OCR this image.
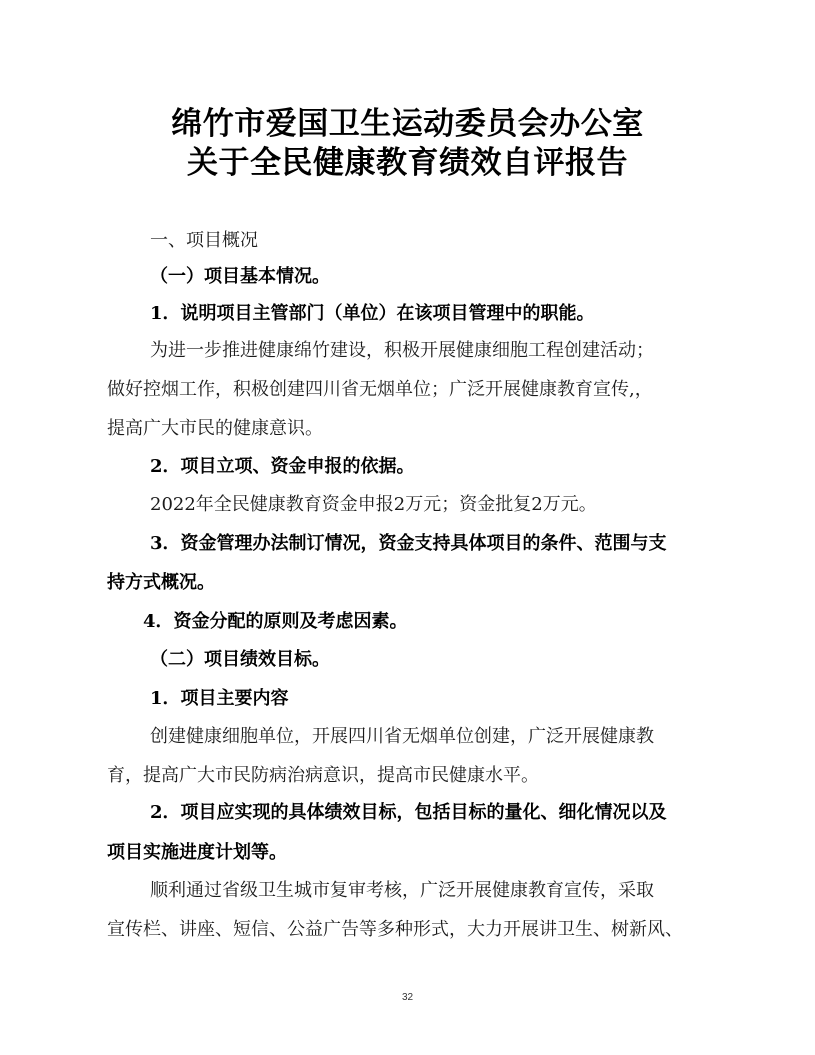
绵竹市爱国卫生运动委员会办公室
关于全民健康教育绩效自评报告
一、项目概况
（一）项目基本情况。
1．说明项目主管部门（单位）在该项目管理中的职能。
为进一步推进健康绵竹建设，积极开展健康细胞工程创建活动；
做好控烟工作，积极创建四川省无烟单位；广泛开展健康教育宣传,，
提高广大市民的健康意识。
2．项目立项、资金申报的依据。
2022年全民健康教育资金申报2万元；资金批复2万元。
3．资金管理办法制订情况，资金支持具体项目的条件、范围与支
持方式概况。
4．资金分配的原则及考虑因素。
（二）项目绩效目标。
1．项目主要内容
创建健康细胞单位，开展四川省无烟单位创建，广泛开展健康教
育，提高广大市民防病治病意识，提高市民健康水平。
2．项目应实现的具体绩效目标，包括目标的量化、细化情况以及
项目实施进度计划等。
顺利通过省级卫生城市复审考核，广泛开展健康教育宣传，采取
宣传栏、讲座、短信、公益广告等多种形式，大力开展讲卫生、树新风、
32
